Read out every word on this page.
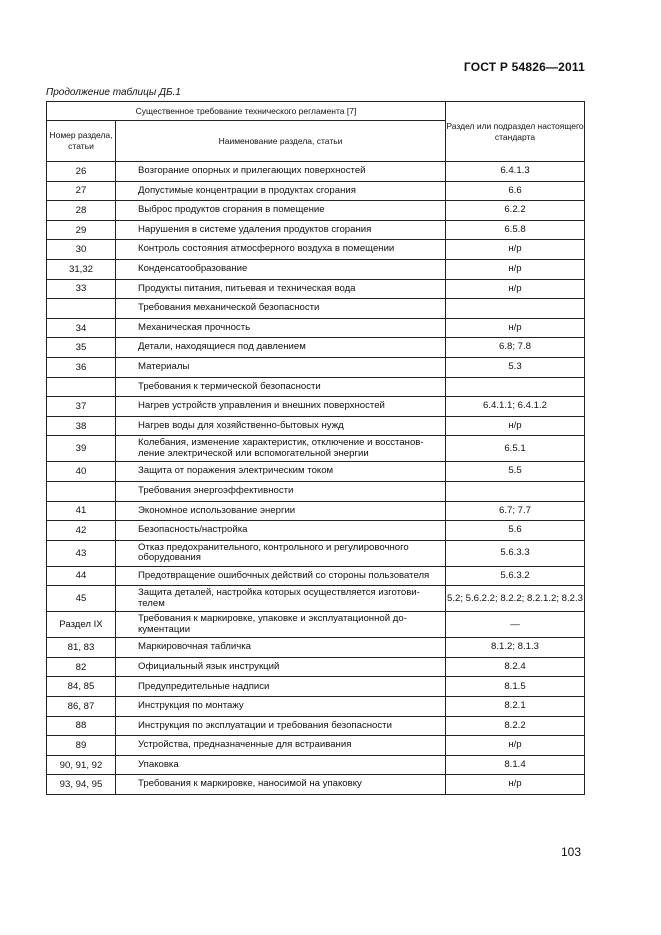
ГОСТ Р 54826—2011
Продолжение таблицы ДБ.1
Существенное требование технического регламента [7]		Раздел или подраздел настоящего стандарта
Номер раздела, статьи	Наименование раздела, статьи	
26	Возгорание опорных и прилегающих поверхностей	6.4.1.3
27	Допустимые концентрации в продуктах сгорания	6.6
28	Выброс продуктов сгорания в помещение	6.2.2
29	Нарушения в системе удаления продуктов сгорания	6.5.8
30	Контроль состояния атмосферного воздуха в помещении	н/р
31,32	Конденсатообразование	н/р
33	Продукты питания, питьевая и техническая вода	н/р
	Требования механической безопасности	
34	Механическая прочность	н/р
35	Детали, находящиеся под давлением	6.8; 7.8
36	Материалы	5.3
	Требования к термической безопасности	
37	Нагрев устройств управления и внешних поверхностей	6.4.1.1; 6.4.1.2
38	Нагрев воды для хозяйственно-бытовых нужд	н/р
39	Колебания, изменение характеристик, отключение и восстановление электрической или вспомогательной энергии	6.5.1
40	Защита от поражения электрическим током	5.5
	Требования энергоэффективности	
41	Экономное использование энергии	6.7; 7.7
42	Безопасность/настройка	5.6
43	Отказ предохранительного, контрольного и регулировочного оборудования	5.6.3.3
44	Предотвращение ошибочных действий со стороны пользователя	5.6.3.2
45	Защита деталей, настройка которых осуществляется изготовителем	5.2; 5.6.2.2; 8.2.2; 8.2.1.2; 8.2.3
Раздел IX	Требования к маркировке, упаковке и эксплуатационной документации	—
81, 83	Маркировочная табличка	8.1.2; 8.1.3
82	Официальный язык инструкций	8.2.4
84, 85	Предупредительные надписи	8.1.5
86, 87	Инструкция по монтажу	8.2.1
88	Инструкция по эксплуатации и требования безопасности	8.2.2
89	Устройства, предназначенные для встраивания	н/р
90, 91, 92	Упаковка	8.1.4
93, 94, 95	Требования к маркировке, наносимой на упаковку	н/р
103
